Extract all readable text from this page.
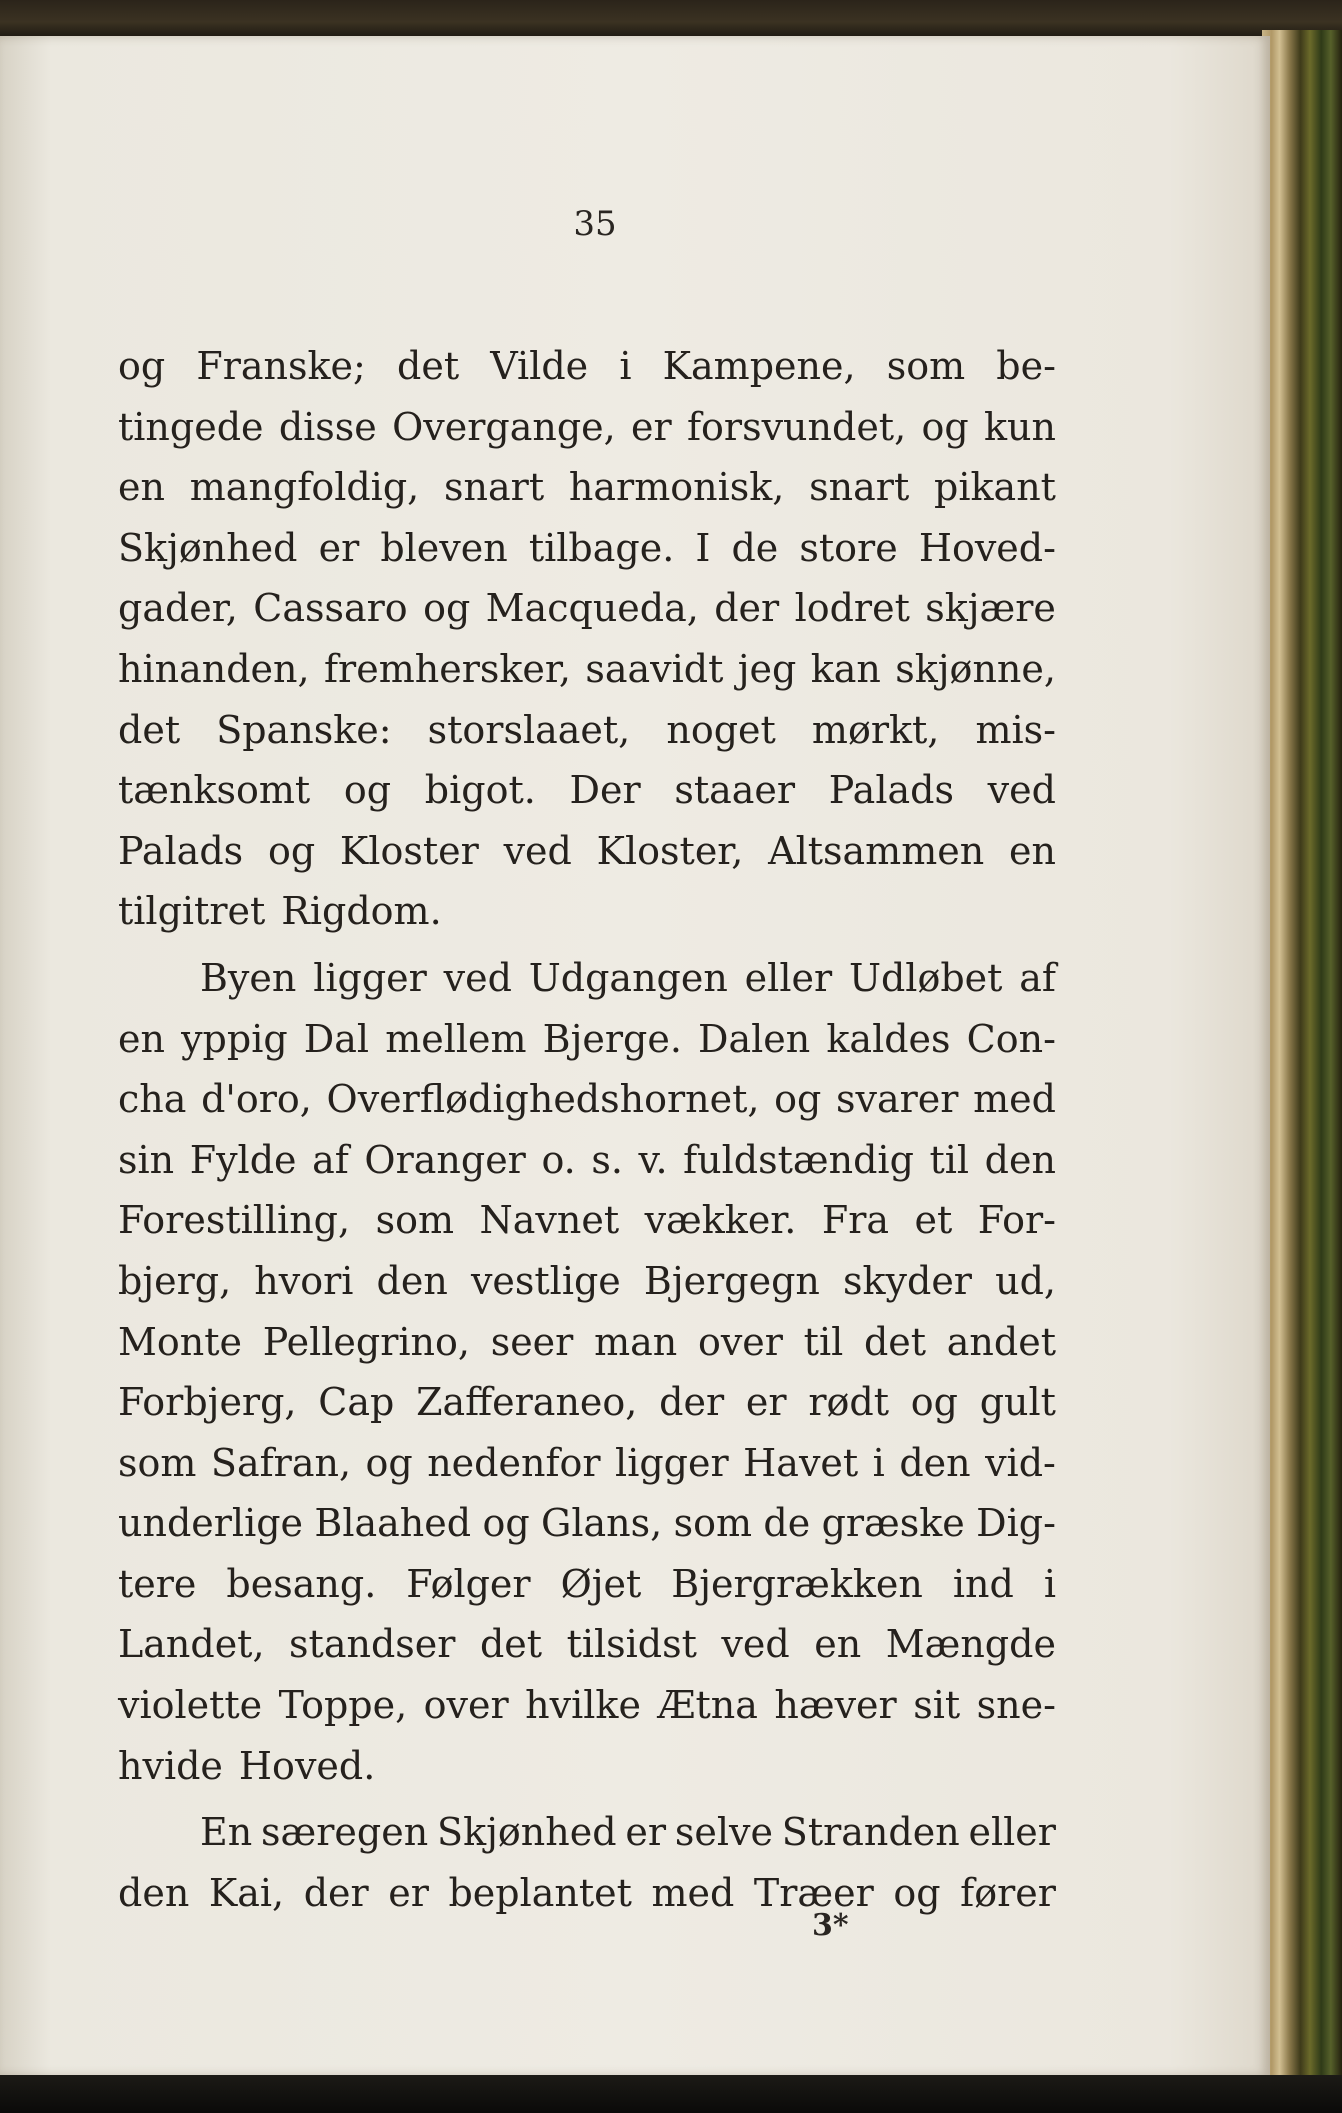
35
og Franske; det Vilde i Kampene, som be-
tingede disse Overgange, er forsvundet, og kun
en mangfoldig, snart harmonisk, snart pikant
Skjønhed er bleven tilbage. I de store Hoved-
gader, Cassaro og Macqueda, der lodret skjære
hinanden, fremhersker, saavidt jeg kan skjønne,
det Spanske: storslaaet, noget mørkt, mis-
tænksomt og bigot. Der staaer Palads ved
Palads og Kloster ved Kloster, Altsammen en
tilgitret Rigdom.
Byen ligger ved Udgangen eller Udløbet af
en yppig Dal mellem Bjerge. Dalen kaldes Con-
cha d'oro, Overflødighedshornet, og svarer med
sin Fylde af Oranger o. s. v. fuldstændig til den
Forestilling, som Navnet vækker. Fra et For-
bjerg, hvori den vestlige Bjergegn skyder ud,
Monte Pellegrino, seer man over til det andet
Forbjerg, Cap Zafferaneo, der er rødt og gult
som Safran, og nedenfor ligger Havet i den vid-
underlige Blaahed og Glans, som de græske Dig-
tere besang. Følger Øjet Bjergrækken ind i
Landet, standser det tilsidst ved en Mængde
violette Toppe, over hvilke Ætna hæver sit sne-
hvide Hoved.
En særegen Skjønhed er selve Stranden eller
den Kai, der er beplantet med Træer og fører
3*
